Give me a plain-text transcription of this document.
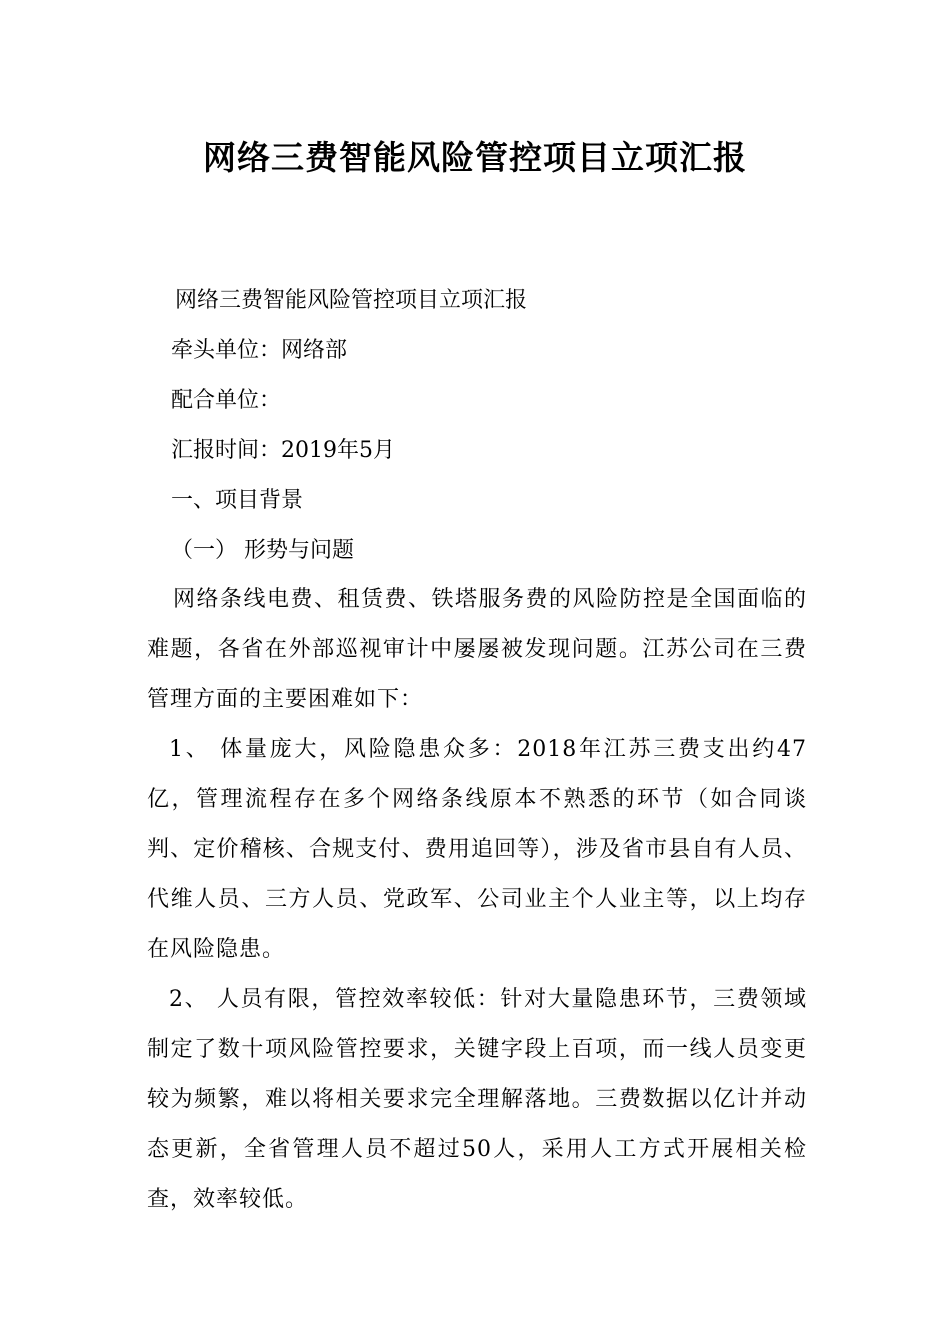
网络三费智能风险管控项目立项汇报
网络三费智能风险管控项目立项汇报
牵头单位：网络部
配合单位：
汇报时间：2019年5月
一、项目背景
（一） 形势与问题
网络条线电费、租赁费、铁塔服务费的风险防控是全国面临的难题，各省在外部巡视审计中屡屡被发现问题。江苏公司在三费管理方面的主要困难如下：
1、 体量庞大，风险隐患众多：2018年江苏三费支出约47亿，管理流程存在多个网络条线原本不熟悉的环节（如合同谈判、定价稽核、合规支付、费用追回等），涉及省市县自有人员、代维人员、三方人员、党政军、公司业主个人业主等，以上均存在风险隐患。
2、 人员有限，管控效率较低：针对大量隐患环节，三费领域制定了数十项风险管控要求，关键字段上百项，而一线人员变更较为频繁，难以将相关要求完全理解落地。三费数据以亿计并动态更新，全省管理人员不超过50人，采用人工方式开展相关检查，效率较低。
